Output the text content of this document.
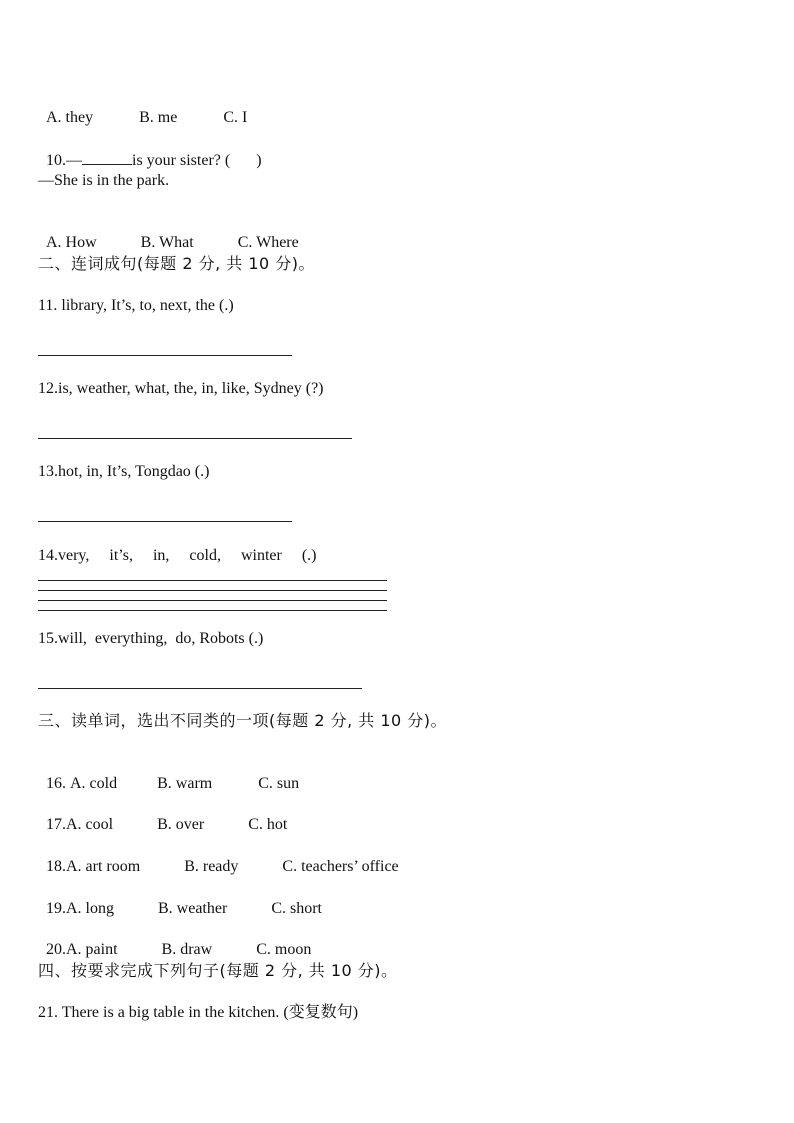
A. they	B. me	C. I

10.—	is your sister? ( )

—She is in the park.

A. How	B. What	C. Where

二、连词成句(每题 2 分, 共 10 分)。
11. library, It’s, to, next, the (.)
12.is, weather, what, the, in, like, Sydney (?)
13.hot, in, It’s, Tongdao (.)
14.very,     it’s,     in,     cold,     winter     (.)
15.will,  everything,  do, Robots (.)
三、读单词，选出不同类的一项(每题 2 分, 共 10 分)。

16. A. cold	B. warm	C. sun

17.A. cool	B. over	C. hot

18.A. art room	B. ready	C. teachers’ office

19.A. long	B. weather	C. short

20.A. paint	B. draw	C. moon

四、按要求完成下列句子(每题 2 分, 共 10 分)。
21. There is a big table in the kitchen. (变复数句)
